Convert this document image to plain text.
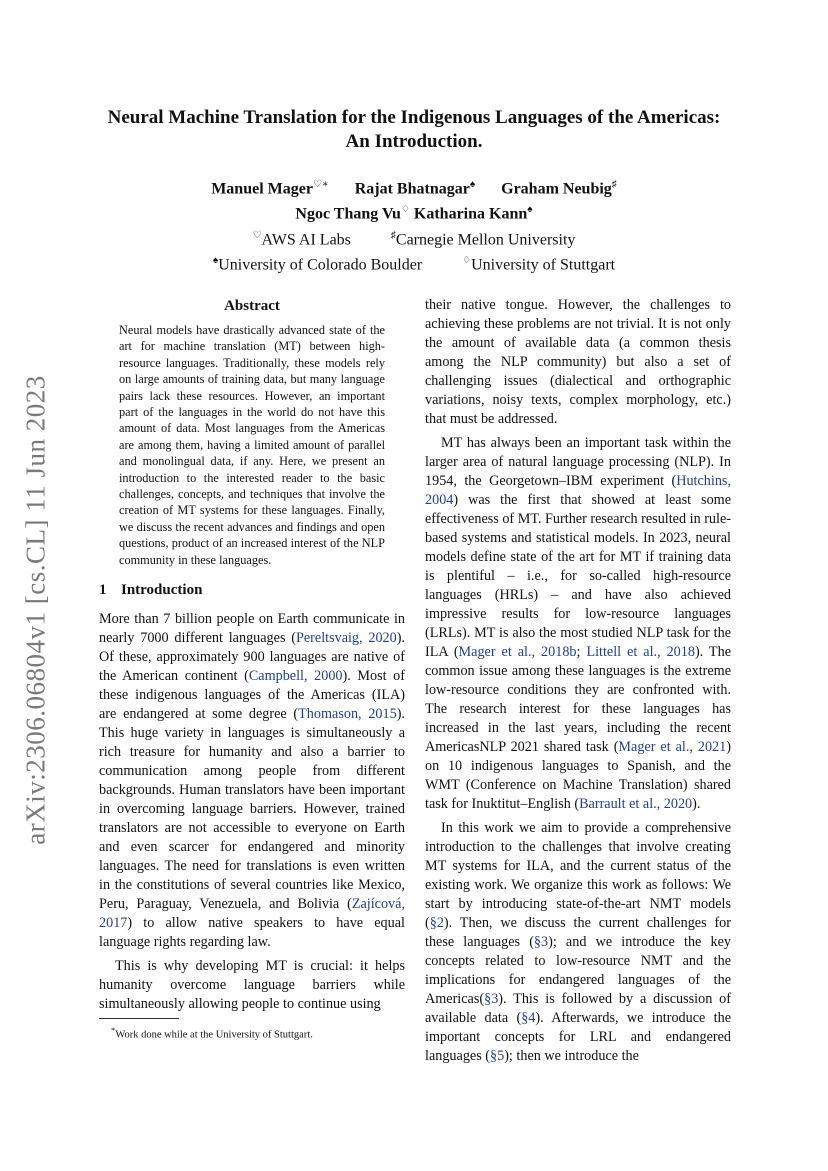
arXiv:2306.06804v1 [cs.CL] 11 Jun 2023
Neural Machine Translation for the Indigenous Languages of the Americas: An Introduction.
Manuel Mager♡∗ Rajat Bhatnagar♠ Graham Neubig♯
Ngoc Thang Vu♢ Katharina Kann♠
♡AWS AI Labs	♯Carnegie Mellon University
♠University of Colorado Boulder	♢University of Stuttgart
Abstract
Neural models have drastically advanced state of the art for machine translation (MT) between high-resource languages. Traditionally, these models rely on large amounts of training data, but many language pairs lack these resources. However, an important part of the languages in the world do not have this amount of data. Most languages from the Americas are among them, having a limited amount of parallel and monolingual data, if any. Here, we present an introduction to the interested reader to the basic challenges, concepts, and techniques that involve the creation of MT systems for these languages. Finally, we discuss the recent advances and findings and open questions, product of an increased interest of the NLP community in these languages.
1 Introduction

More than 7 billion people on Earth communicate in nearly 7000 different languages (Pereltsvaig, 2020). Of these, approximately 900 languages are native of the American continent (Campbell, 2000). Most of these indigenous languages of the Americas (ILA) are endangered at some degree (Thomason, 2015). This huge variety in languages is simultaneously a rich treasure for humanity and also a barrier to communication among people from different backgrounds. Human translators have been important in overcoming language barriers. However, trained translators are not accessible to everyone on Earth and even scarcer for endangered and minority languages. The need for translations is even written in the constitutions of several countries like Mexico, Peru, Paraguay, Venezuela, and Bolivia (Zajícová, 2017) to allow native speakers to have equal language rights regarding law.

This is why developing MT is crucial: it helps humanity overcome language barriers while simultaneously allowing people to continue using

*Work done while at the University of Stuttgart.

their native tongue. However, the challenges to achieving these problems are not trivial. It is not only the amount of available data (a common thesis among the NLP community) but also a set of challenging issues (dialectical and orthographic variations, noisy texts, complex morphology, etc.) that must be addressed.

MT has always been an important task within the larger area of natural language processing (NLP). In 1954, the Georgetown–IBM experiment (Hutchins, 2004) was the first that showed at least some effectiveness of MT. Further research resulted in rule-based systems and statistical models. In 2023, neural models define state of the art for MT if training data is plentiful – i.e., for so-called high-resource languages (HRLs) – and have also achieved impressive results for low-resource languages (LRLs). MT is also the most studied NLP task for the ILA (Mager et al., 2018b; Littell et al., 2018). The common issue among these languages is the extreme low-resource conditions they are confronted with. The research interest for these languages has increased in the last years, including the recent AmericasNLP 2021 shared task (Mager et al., 2021) on 10 indigenous languages to Spanish, and the WMT (Conference on Machine Translation) shared task for Inuktitut–English (Barrault et al., 2020).

In this work we aim to provide a comprehensive introduction to the challenges that involve creating MT systems for ILA, and the current status of the existing work. We organize this work as follows: We start by introducing state-of-the-art NMT models (§2). Then, we discuss the current challenges for these languages (§3); and we introduce the key concepts related to low-resource NMT and the implications for endangered languages of the Americas(§3). This is followed by a discussion of available data (§4). Afterwards, we introduce the important concepts for LRL and endangered languages (§5); then we introduce the
